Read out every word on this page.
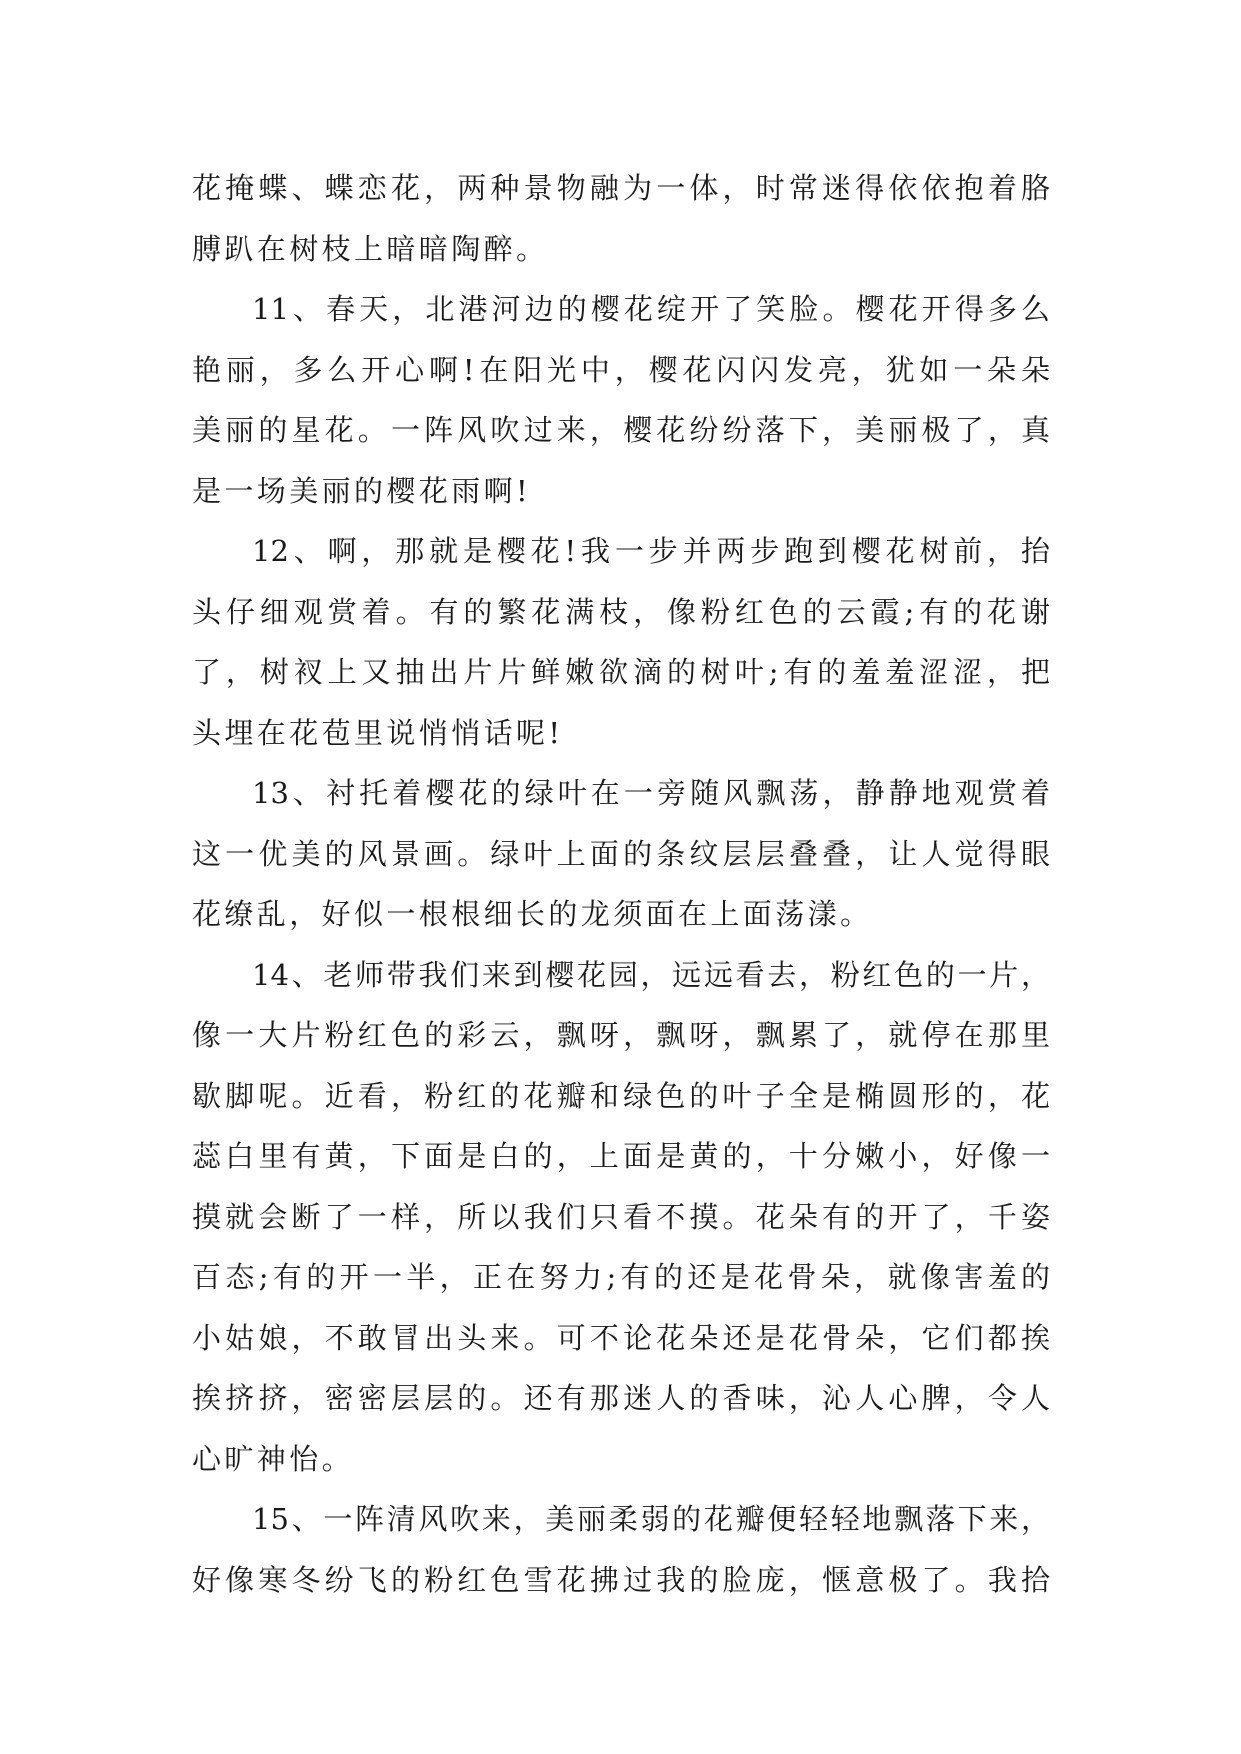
花掩蝶、蝶恋花，两种景物融为一体，时常迷得依依抱着胳
膊趴在树枝上暗暗陶醉。
11、春天，北港河边的樱花绽开了笑脸。樱花开得多么
艳丽，多么开心啊!在阳光中，樱花闪闪发亮，犹如一朵朵
美丽的星花。一阵风吹过来，樱花纷纷落下，美丽极了，真
是一场美丽的樱花雨啊!
12、啊，那就是樱花!我一步并两步跑到樱花树前，抬
头仔细观赏着。有的繁花满枝，像粉红色的云霞;有的花谢
了，树衩上又抽出片片鲜嫩欲滴的树叶;有的羞羞涩涩，把
头埋在花苞里说悄悄话呢!
13、衬托着樱花的绿叶在一旁随风飘荡，静静地观赏着
这一优美的风景画。绿叶上面的条纹层层叠叠，让人觉得眼
花缭乱，好似一根根细长的龙须面在上面荡漾。
14、老师带我们来到樱花园，远远看去，粉红色的一片，
像一大片粉红色的彩云，飘呀，飘呀，飘累了，就停在那里
歇脚呢。近看，粉红的花瓣和绿色的叶子全是椭圆形的，花
蕊白里有黄，下面是白的，上面是黄的，十分嫩小，好像一
摸就会断了一样，所以我们只看不摸。花朵有的开了，千姿
百态;有的开一半，正在努力;有的还是花骨朵，就像害羞的
小姑娘，不敢冒出头来。可不论花朵还是花骨朵，它们都挨
挨挤挤，密密层层的。还有那迷人的香味，沁人心脾，令人
心旷神怡。
15、一阵清风吹来，美丽柔弱的花瓣便轻轻地飘落下来，
好像寒冬纷飞的粉红色雪花拂过我的脸庞，惬意极了。我拾
